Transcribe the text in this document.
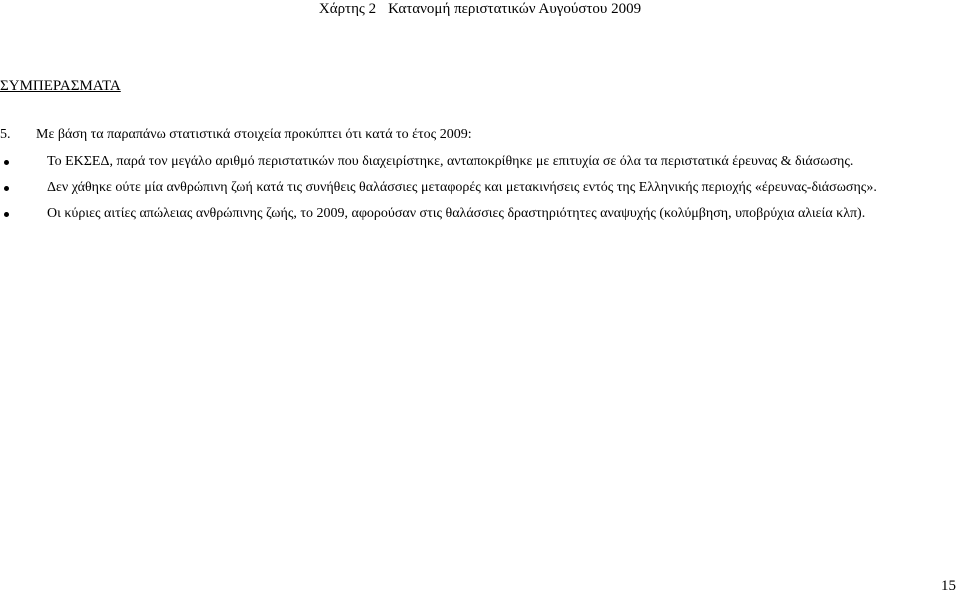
Χάρτης 2 Κατανομή περιστατικών Αυγούστου 2009
ΣΥΜΠΕΡΑΣΜΑΤΑ
5. Με βάση τα παραπάνω στατιστικά στοιχεία προκύπτει ότι κατά το έτος 2009:
Το ΕΚΣΕΔ, παρά τον μεγάλο αριθμό περιστατικών που διαχειρίστηκε, ανταποκρίθηκε με επιτυχία σε όλα τα περιστατικά έρευνας & διάσωσης.
Δεν χάθηκε ούτε μία ανθρώπινη ζωή κατά τις συνήθεις θαλάσσιες μεταφορές και μετακινήσεις εντός της Ελληνικής περιοχής «έρευνας-διάσωσης».
Οι κύριες αιτίες απώλειας ανθρώπινης ζωής, το 2009, αφορούσαν στις θαλάσσιες δραστηριότητες αναψυχής (κολύμβηση, υποβρύχια αλιεία κλπ).
15
